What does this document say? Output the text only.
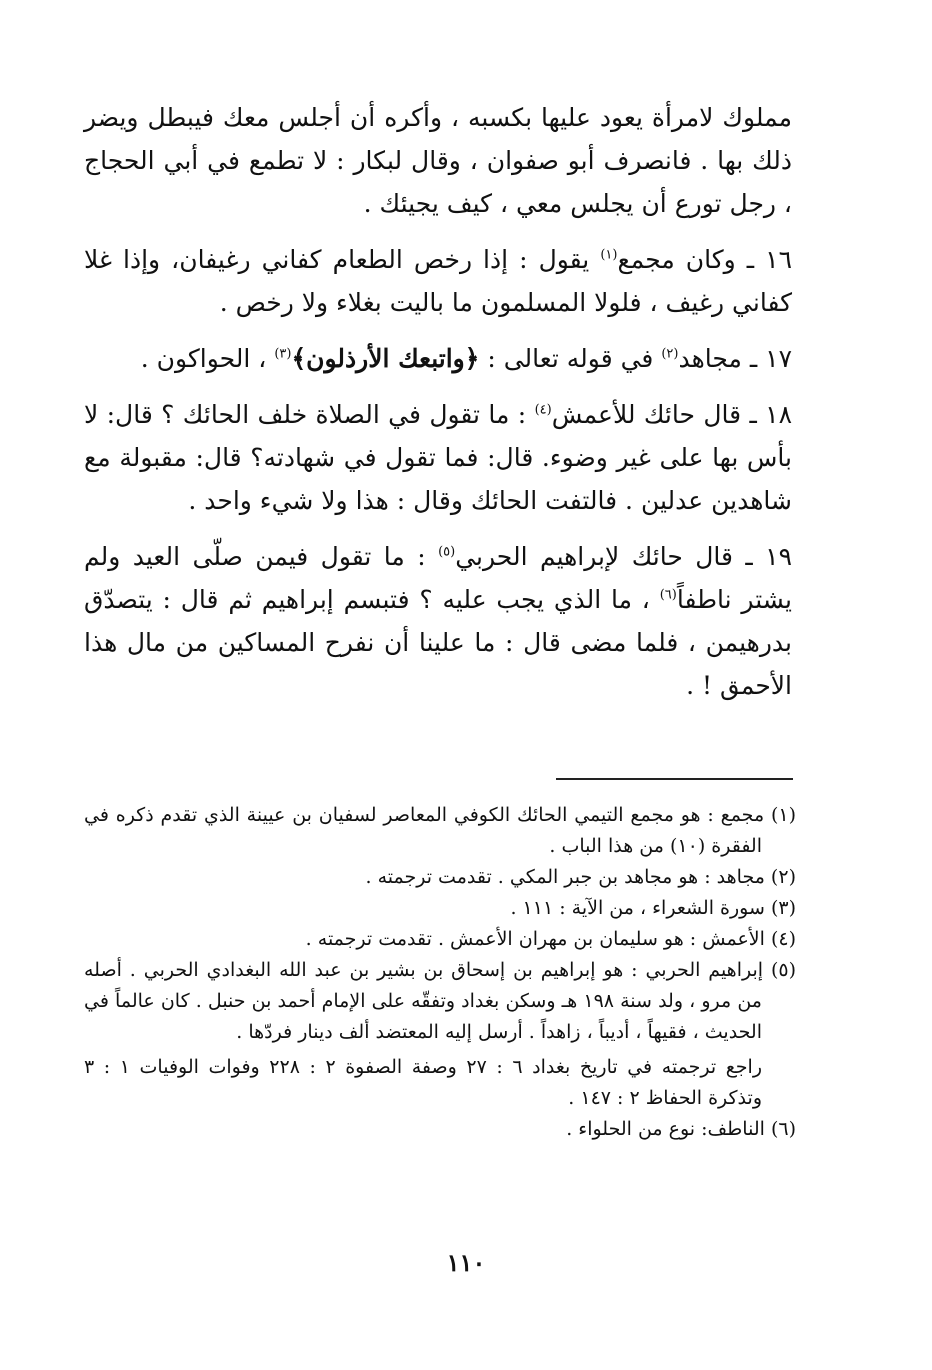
مملوك لامرأة يعود عليها بكسبه ، وأكره أن أجلس معك فيبطل ويضر ذلك بها . فانصرف أبو صفوان ، وقال لبكار : لا تطمع في أبي الحجاج ، رجل تورع أن يجلس معي ، كيف يجيئك .

١٦ ـ وكان مجمع$^{(١)}$ يقول : إذا رخص الطعام كفاني رغيفان، وإذا غلا كفاني رغيف ، فلولا المسلمون ما باليت بغلاء ولا رخص .

١٧ ـ مجاهد$^{(٢)}$ في قوله تعالى : ﴿واتبعك الأرذلون﴾$^{(٣)}$ ، الحواكون .

١٨ ـ قال حائك للأعمش$^{(٤)}$ : ما تقول في الصلاة خلف الحائك ؟ قال: لا بأس بها على غير وضوء. قال: فما تقول في شهادته؟ قال: مقبولة مع شاهدين عدلين . فالتفت الحائك وقال : هذا ولا شيء واحد .

١٩ ـ قال حائك لإبراهيم الحربي$^{(٥)}$ : ما تقول فيمن صلّى العيد ولم يشتر ناطفاً$^{(٦)}$ ، ما الذي يجب عليه ؟ فتبسم إبراهيم ثم قال : يتصدّق بدرهيمن ، فلما مضى قال : ما علينا أن نفرح المساكين من مال هذا الأحمق ! .

(١) مجمع : هو مجمع التيمي الحائك الكوفي المعاصر لسفيان بن عيينة الذي تقدم ذكره في الفقرة (١٠) من هذا الباب .

(٢) مجاهد : هو مجاهد بن جبر المكي . تقدمت ترجمته .

(٣) سورة الشعراء ، من الآية : ١١١ .

(٤) الأعمش : هو سليمان بن مهران الأعمش . تقدمت ترجمته .

(٥) إبراهيم الحربي : هو إبراهيم بن إسحاق بن بشير بن عبد الله البغدادي الحربي . أصله من مرو ، ولد سنة ١٩٨ هـ وسكن بغداد وتفقّه على الإمام أحمد بن حنبل . كان عالماً في الحديث ، فقيهاً ، أديباً ، زاهداً . أرسل إليه المعتضد ألف دينار فردّها .

راجع ترجمته في تاريخ بغداد ٦ : ٢٧ وصفة الصفوة ٢ : ٢٢٨ وفوات الوفيات ١ : ٣ وتذكرة الحفاظ ٢ : ١٤٧ .

(٦) الناطف: نوع من الحلواء .

١١٠
